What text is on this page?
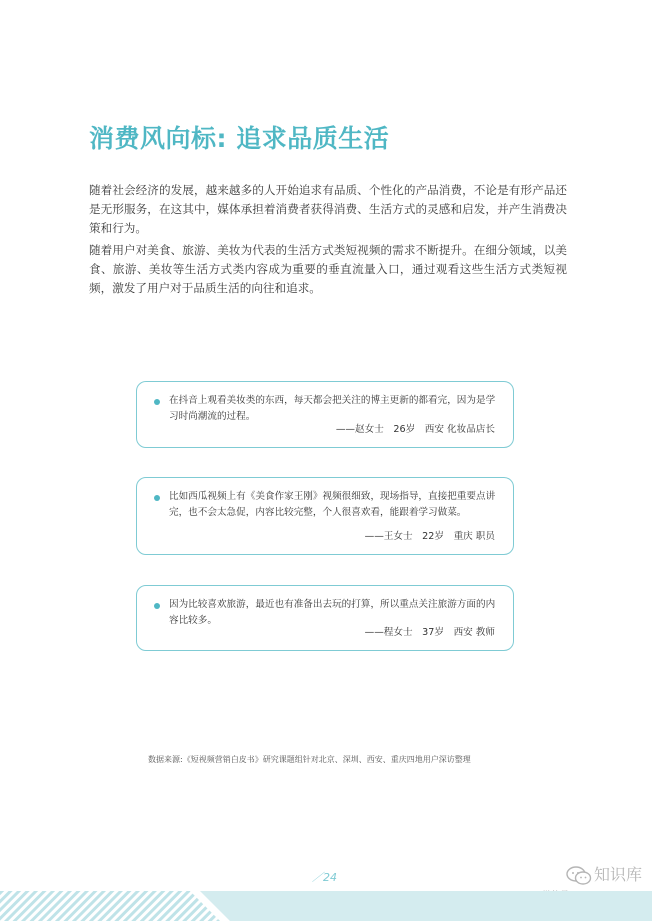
消费风向标: 追求品质生活

随着社会经济的发展，越来越多的人开始追求有品质、个性化的产品消费，不论是有形产品还是无形服务，在这其中，媒体承担着消费者获得消费、生活方式的灵感和启发，并产生消费决策和行为。

随着用户对美食、旅游、美妆为代表的生活方式类短视频的需求不断提升。在细分领域，以美食、旅游、美妆等生活方式类内容成为重要的垂直流量入口，通过观看这些生活方式类短视频，激发了用户对于品质生活的向往和追求。

在抖音上观看美妆类的东西，每天都会把关注的博主更新的都看完，因为是学习时尚潮流的过程。

——赵女士　26岁　西安 化妆品店长

比如西瓜视频上有《美食作家王刚》视频很细致，现场指导，直接把重要点讲完，也不会太急促，内容比较完整，个人很喜欢看，能跟着学习做菜。

——王女士　22岁　重庆 职员

因为比较喜欢旅游，最近也有准备出去玩的打算，所以重点关注旅游方面的内容比较多。

——程女士　37岁　西安 教师
数据来源:《短视频营销白皮书》研究课题组针对北京、深圳、西安、重庆四地用户深访整理
／24	知识库
